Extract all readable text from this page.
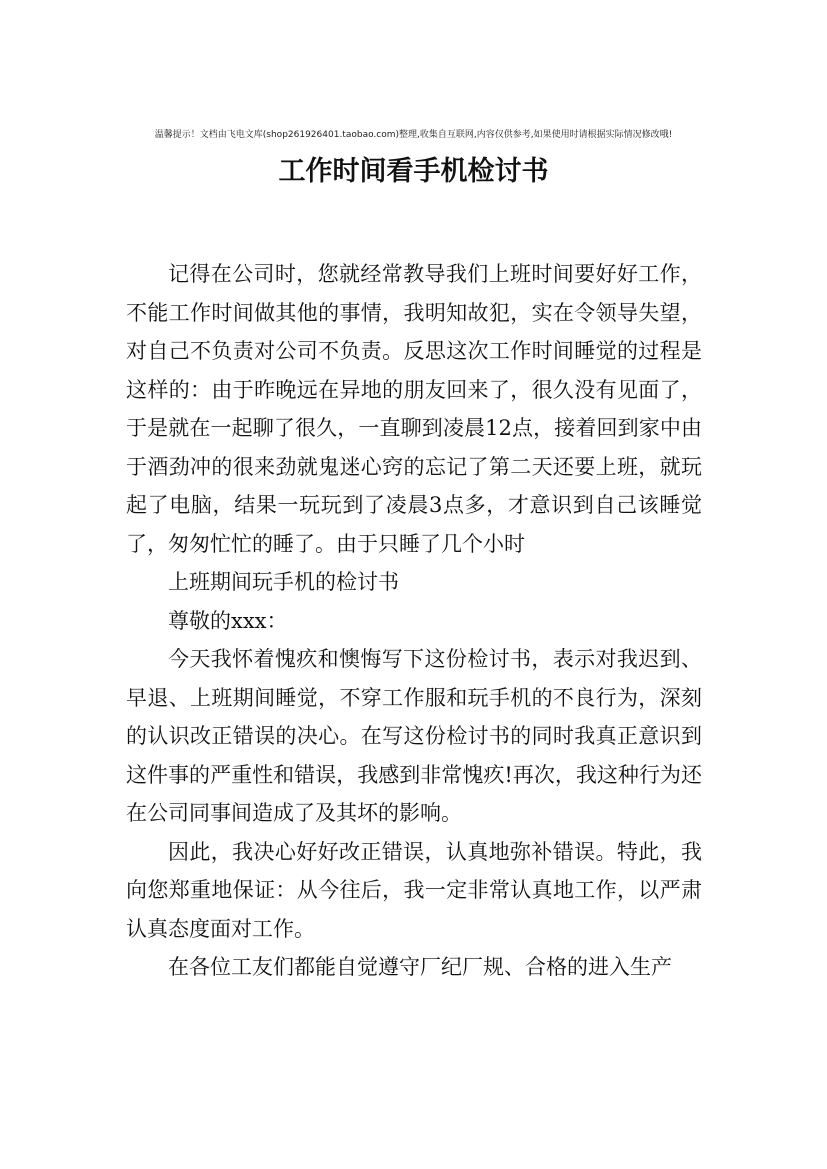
温馨提示！文档由飞电文库(shop261926401.taobao.com)整理,收集自互联网,内容仅供参考,如果使用时请根据实际情况修改哦!
工作时间看手机检讨书

记得在公司时，您就经常教导我们上班时间要好好工作，不能工作时间做其他的事情，我明知故犯，实在令领导失望，对自己不负责对公司不负责。反思这次工作时间睡觉的过程是这样的：由于昨晚远在异地的朋友回来了，很久没有见面了，于是就在一起聊了很久，一直聊到凌晨12点，接着回到家中由于酒劲冲的很来劲就鬼迷心窍的忘记了第二天还要上班，就玩起了电脑，结果一玩玩到了凌晨3点多，才意识到自己该睡觉了，匆匆忙忙的睡了。由于只睡了几个小时

上班期间玩手机的检讨书

尊敬的xxx：

今天我怀着愧疚和懊悔写下这份检讨书，表示对我迟到、早退、上班期间睡觉，不穿工作服和玩手机的不良行为，深刻的认识改正错误的决心。在写这份检讨书的同时我真正意识到这件事的严重性和错误，我感到非常愧疚!再次，我这种行为还在公司同事间造成了及其坏的影响。

因此，我决心好好改正错误，认真地弥补错误。特此，我向您郑重地保证：从今往后，我一定非常认真地工作，以严肃认真态度面对工作。

在各位工友们都能自觉遵守厂纪厂规、合格的进入生产
